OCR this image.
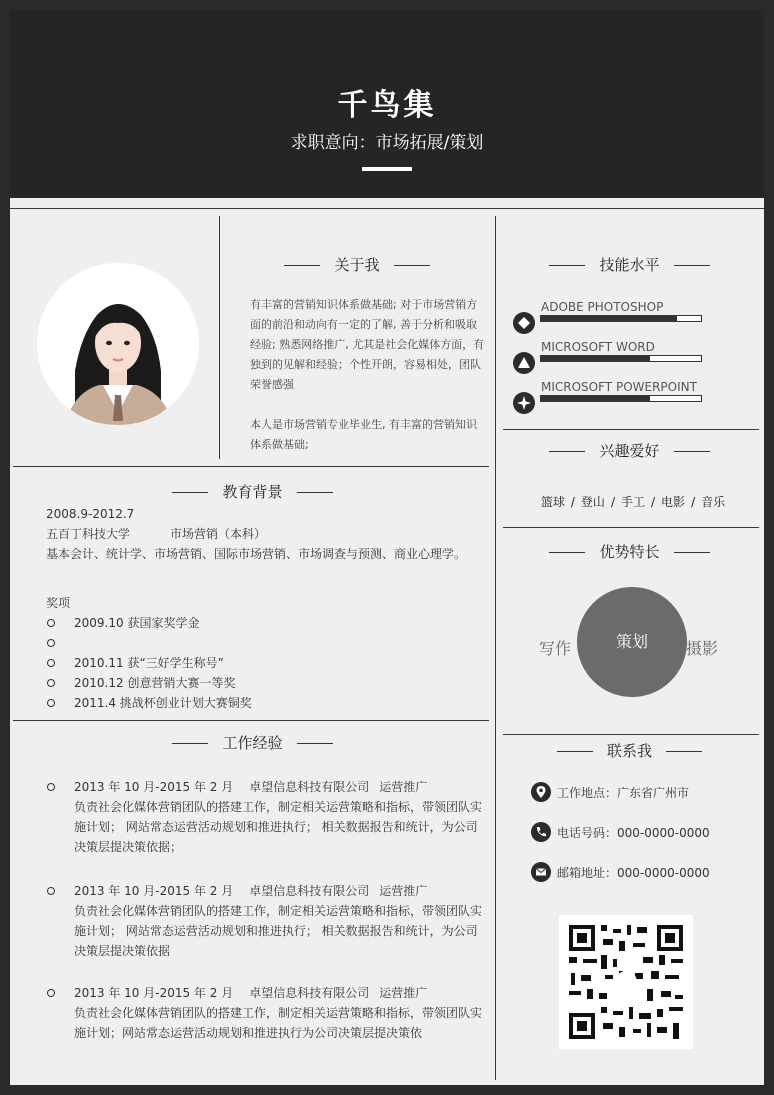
千鸟集
求职意向：市场拓展/策划
关于我

有丰富的营销知识体系做基础; 对于市场营销方面的前沿和动向有一定的了解, 善于分析和吸取经验; 熟悉网络推广, 尤其是社会化媒体方面，有独到的见解和经验；个性开朗，容易相处，团队荣誉感强

本人是市场营销专业毕业生, 有丰富的营销知识体系做基础;

教育背景
2008.9-2012.7
五百丁科技大学	市场营销（本科）
基本会计、统计学、市场营销、国际市场营销、市场调查与预测、商业心理学。
奖项
2009.10 获国家奖学金
2010.11 获“三好学生称号”
2010.12 创意营销大赛一等奖
2011.4 挑战杯创业计划大赛铜奖
工作经验
2013 年 10 月-2015 年 2 月 卓望信息科技有限公司 运营推广
负责社会化媒体营销团队的搭建工作，制定相关运营策略和指标，带领团队实施计划； 网站常态运营活动规划和推进执行； 相关数据报告和统计，为公司决策层提决策依据；
2013 年 10 月-2015 年 2 月 卓望信息科技有限公司 运营推广
负责社会化媒体营销团队的搭建工作，制定相关运营策略和指标，带领团队实施计划； 网站常态运营活动规划和推进执行； 相关数据报告和统计，为公司决策层提决策依据
2013 年 10 月-2015 年 2 月 卓望信息科技有限公司 运营推广
负责社会化媒体营销团队的搭建工作，制定相关运营策略和指标，带领团队实施计划；网站常态运营活动规划和推进执行为公司决策层提决策依
技能水平
ADOBE PHOTOSHOP
MICROSOFT WORD
MICROSOFT POWERPOINT
兴趣爱好
篮球 / 登山 / 手工 / 电影 / 音乐
优势特长
策划
写作	摄影
联系我
工作地点：广东省广州市
电话号码：000-0000-0000
邮箱地址：000-0000-0000
